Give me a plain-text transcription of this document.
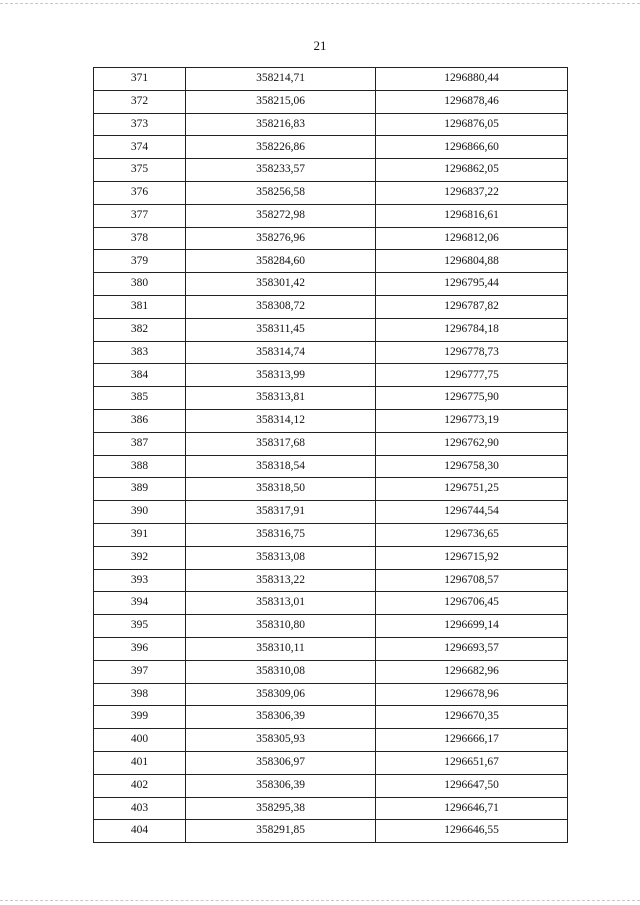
21
371	358214,71	1296880,44
372	358215,06	1296878,46
373	358216,83	1296876,05
374	358226,86	1296866,60
375	358233,57	1296862,05
376	358256,58	1296837,22
377	358272,98	1296816,61
378	358276,96	1296812,06
379	358284,60	1296804,88
380	358301,42	1296795,44
381	358308,72	1296787,82
382	358311,45	1296784,18
383	358314,74	1296778,73
384	358313,99	1296777,75
385	358313,81	1296775,90
386	358314,12	1296773,19
387	358317,68	1296762,90
388	358318,54	1296758,30
389	358318,50	1296751,25
390	358317,91	1296744,54
391	358316,75	1296736,65
392	358313,08	1296715,92
393	358313,22	1296708,57
394	358313,01	1296706,45
395	358310,80	1296699,14
396	358310,11	1296693,57
397	358310,08	1296682,96
398	358309,06	1296678,96
399	358306,39	1296670,35
400	358305,93	1296666,17
401	358306,97	1296651,67
402	358306,39	1296647,50
403	358295,38	1296646,71
404	358291,85	1296646,55
